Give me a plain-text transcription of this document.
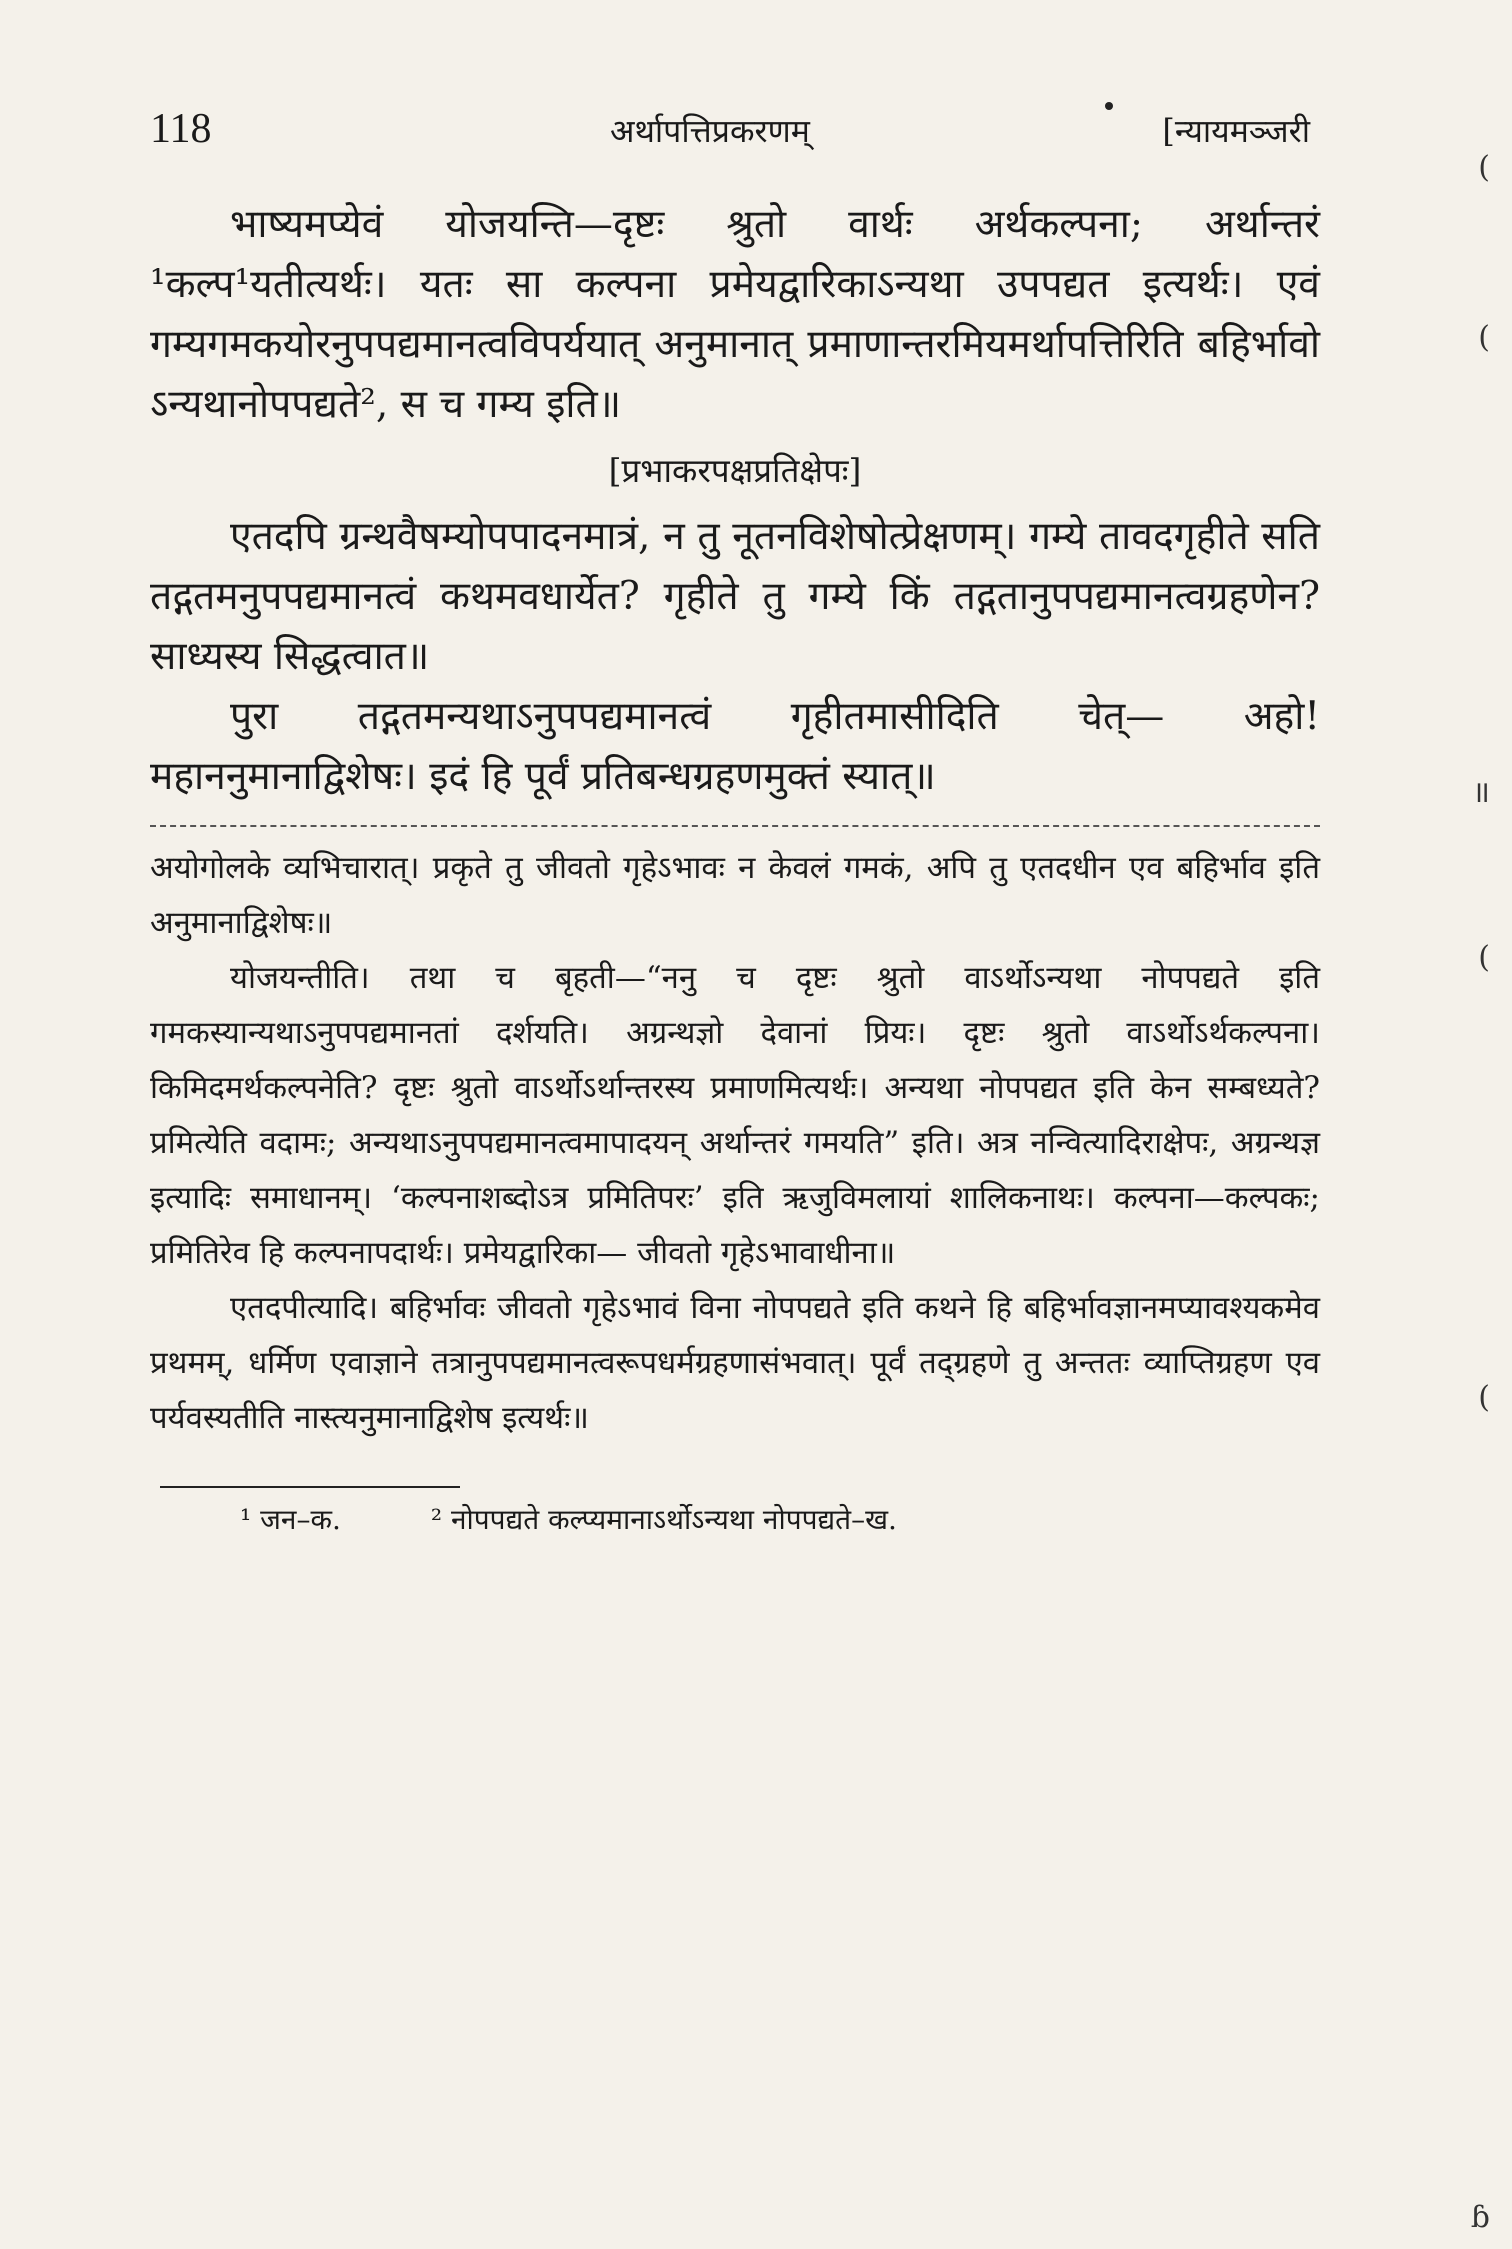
118	अर्थापत्तिप्रकरणम्	[न्यायमञ्जरी

भाष्यमप्येवं योजयन्ति—दृष्टः श्रुतो वार्थः अर्थकल्पना; अर्थान्तरं ¹कल्प¹यतीत्यर्थः। यतः सा कल्पना प्रमेयद्वारिकाऽन्यथा उपपद्यत इत्यर्थः। एवं गम्यगमकयोरनुपपद्यमानत्वविपर्ययात् अनुमानात् प्रमाणान्तरमियमर्थापत्तिरिति बहिर्भावो ऽन्यथानोपपद्यते², स च गम्य इति॥

[प्रभाकरपक्षप्रतिक्षेपः]

एतदपि ग्रन्थवैषम्योपपादनमात्रं, न तु नूतनविशेषोत्प्रेक्षणम्। गम्ये तावदगृहीते सति तद्गतमनुपपद्यमानत्वं कथमवधार्येत? गृहीते तु गम्ये किं तद्गतानुपपद्यमानत्वग्रहणेन? साध्यस्य सिद्धत्वात॥

पुरा तद्गतमन्यथाऽनुपपद्यमानत्वं गृहीतमासीदिति चेत्— अहो! महाननुमानाद्विशेषः। इदं हि पूर्वं प्रतिबन्धग्रहणमुक्तं स्यात्॥

अयोगोलके व्यभिचारात्। प्रकृते तु जीवतो गृहेऽभावः न केवलं गमकं, अपि तु एतदधीन एव बहिर्भाव इति अनुमानाद्विशेषः॥

योजयन्तीति। तथा च बृहती—“ननु च दृष्टः श्रुतो वाऽर्थोऽन्यथा नोपपद्यते इति गमकस्यान्यथाऽनुपपद्यमानतां दर्शयति। अग्रन्थज्ञो देवानां प्रियः। दृष्टः श्रुतो वाऽर्थोऽर्थकल्पना। किमिदमर्थकल्पनेति? दृष्टः श्रुतो वाऽर्थोऽर्थान्तरस्य प्रमाणमित्यर्थः। अन्यथा नोपपद्यत इति केन सम्बध्यते? प्रमित्येति वदामः; अन्यथाऽनुपपद्यमानत्वमापादयन् अर्थान्तरं गमयति” इति। अत्र नन्वित्यादिराक्षेपः, अग्रन्थज्ञ इत्यादिः समाधानम्। ‘कल्पनाशब्दोऽत्र प्रमितिपरः’ इति ऋजुविमलायां शालिकनाथः। कल्पना—कल्पकः; प्रमितिरेव हि कल्पनापदार्थः। प्रमेयद्वारिका— जीवतो गृहेऽभावाधीना॥

एतदपीत्यादि। बहिर्भावः जीवतो गृहेऽभावं विना नोपपद्यते इति कथने हि बहिर्भावज्ञानमप्यावश्यकमेव प्रथमम्, धर्मिण एवाज्ञाने तत्रानुपपद्यमानत्वरूपधर्मग्रहणासंभवात्। पूर्वं तद्ग्रहणे तु अन्ततः व्याप्तिग्रहण एव पर्यवस्यतीति नास्त्यनुमानाद्विशेष इत्यर्थः॥

¹ जन–क.	² नोपपद्यते कल्प्यमानाऽर्थोऽन्यथा नोपपद्यते–ख.
(
(
॥
(
(
ɓ
